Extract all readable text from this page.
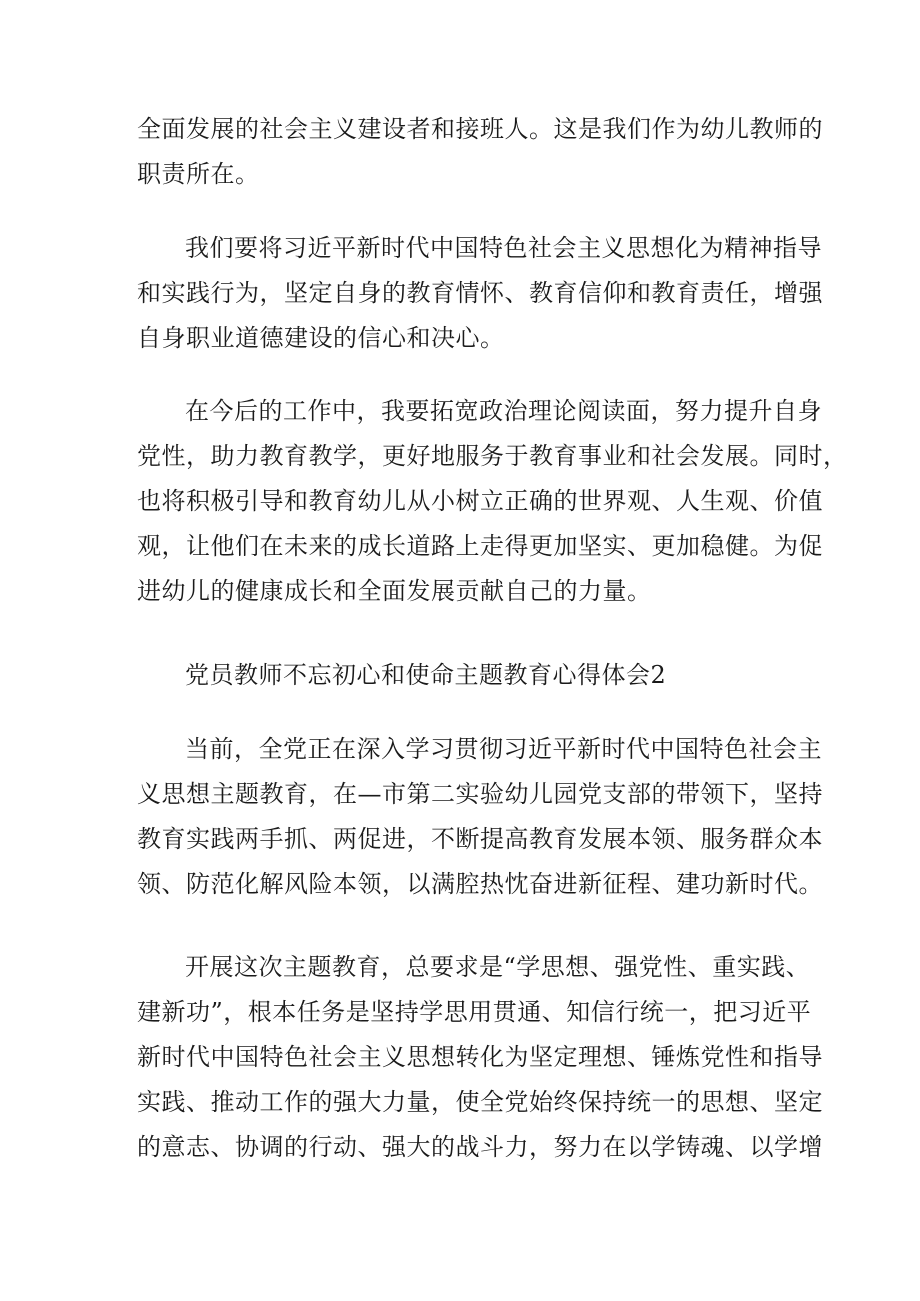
全面发展的社会主义建设者和接班人。这是我们作为幼儿教师的
职责所在。
我们要将习近平新时代中国特色社会主义思想化为精神指导
和实践行为，坚定自身的教育情怀、教育信仰和教育责任，增强
自身职业道德建设的信心和决心。
在今后的工作中，我要拓宽政治理论阅读面，努力提升自身
党性，助力教育教学，更好地服务于教育事业和社会发展。同时，
也将积极引导和教育幼儿从小树立正确的世界观、人生观、价值
观，让他们在未来的成长道路上走得更加坚实、更加稳健。为促
进幼儿的健康成长和全面发展贡献自己的力量。
党员教师不忘初心和使命主题教育心得体会2
当前，全党正在深入学习贯彻习近平新时代中国特色社会主
义思想主题教育，在—市第二实验幼儿园党支部的带领下，坚持
教育实践两手抓、两促进，不断提高教育发展本领、服务群众本
领、防范化解风险本领，以满腔热忱奋进新征程、建功新时代。
开展这次主题教育，总要求是“学思想、强党性、重实践、
建新功”，根本任务是坚持学思用贯通、知信行统一，把习近平
新时代中国特色社会主义思想转化为坚定理想、锤炼党性和指导
实践、推动工作的强大力量，使全党始终保持统一的思想、坚定
的意志、协调的行动、强大的战斗力，努力在以学铸魂、以学增
